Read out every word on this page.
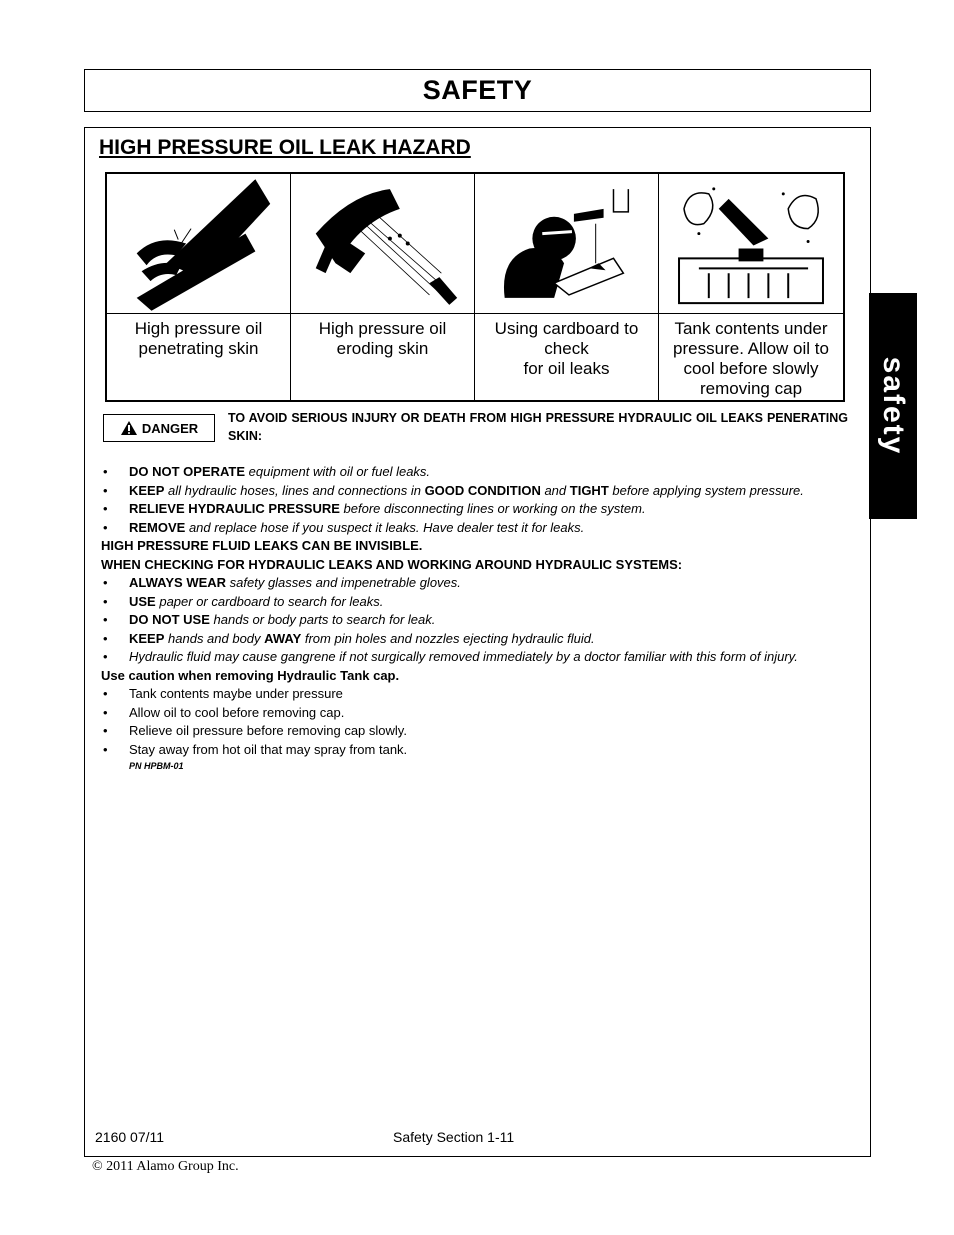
SAFETY
safety
HIGH PRESSURE OIL LEAK HAZARD
High pressure oil
penetrating skin
High pressure oil
eroding skin
Using cardboard to
check
for oil leaks
Tank contents under
pressure. Allow oil to
cool before slowly
removing cap
DANGER
TO AVOID SERIOUS INJURY OR DEATH FROM HIGH PRESSURE HYDRAULIC OIL LEAKS PENERATING SKIN:
• DO NOT OPERATE equipment with oil or fuel leaks.
• KEEP all hydraulic hoses, lines and connections in GOOD CONDITION and TIGHT before applying system pressure.
• RELIEVE HYDRAULIC PRESSURE before disconnecting lines or working on the system.
• REMOVE and replace hose if you suspect it leaks. Have dealer test it for leaks.
HIGH PRESSURE FLUID LEAKS CAN BE INVISIBLE.
WHEN CHECKING FOR HYDRAULIC LEAKS AND WORKING AROUND HYDRAULIC SYSTEMS:
• ALWAYS WEAR safety glasses and impenetrable gloves.
• USE paper or cardboard to search for leaks.
• DO NOT USE hands or body parts to search for leak.
• KEEP hands and body AWAY from pin holes and nozzles ejecting hydraulic fluid.
• Hydraulic fluid may cause gangrene if not surgically removed immediately by a doctor familiar with this form of injury.
Use caution when removing Hydraulic Tank cap.
• Tank contents maybe under pressure
• Allow oil to cool before removing cap.
• Relieve oil pressure before removing cap slowly.
• Stay away from hot oil that may spray from tank.
PN HPBM-01
2160 07/11	Safety Section 1-11
© 2011 Alamo Group Inc.
